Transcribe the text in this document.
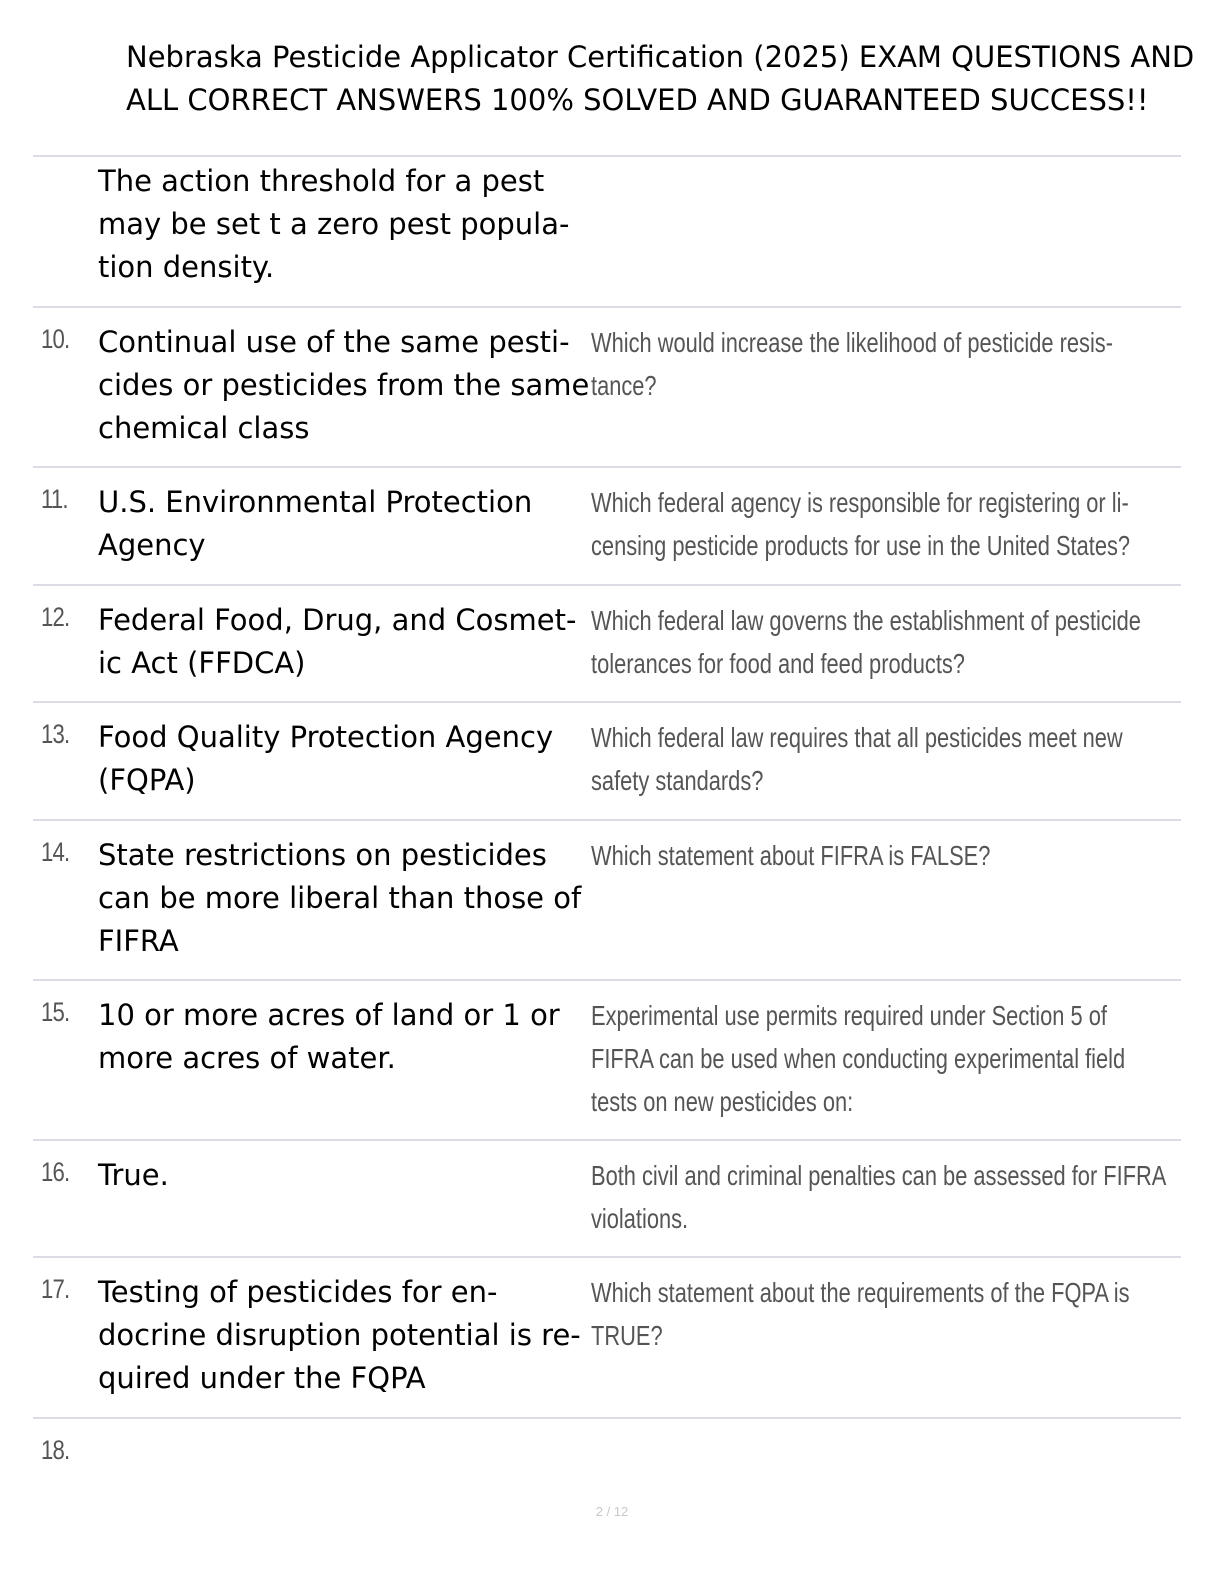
Nebraska Pesticide Applicator Certification (2025) EXAM QUESTIONS AND
ALL CORRECT ANSWERS 100% SOLVED AND GUARANTEED SUCCESS!!
The action threshold for a pest
may be set t a zero pest popula-
tion density.
10. Continual use of the same pesti-
cides or pesticides from the same
chemical class
Which would increase the likelihood of pesticide resis-
tance?
11. U.S. Environmental Protection
Agency
Which federal agency is responsible for registering or li-
censing pesticide products for use in the United States?
12. Federal Food, Drug, and Cosmet-
ic Act (FFDCA)
Which federal law governs the establishment of pesticide
tolerances for food and feed products?
13. Food Quality Protection Agency
(FQPA)
Which federal law requires that all pesticides meet new
safety standards?
14. State restrictions on pesticides
can be more liberal than those of
FIFRA
Which statement about FIFRA is FALSE?
15. 10 or more acres of land or 1 or
more acres of water.
Experimental use permits required under Section 5 of
FIFRA can be used when conducting experimental field
tests on new pesticides on:
16. True.	Both civil and criminal penalties can be assessed for FIFRA
violations.
17. Testing of pesticides for en-
docrine disruption potential is re-
quired under the FQPA
Which statement about the requirements of the FQPA is
TRUE?
18.
2 / 12
